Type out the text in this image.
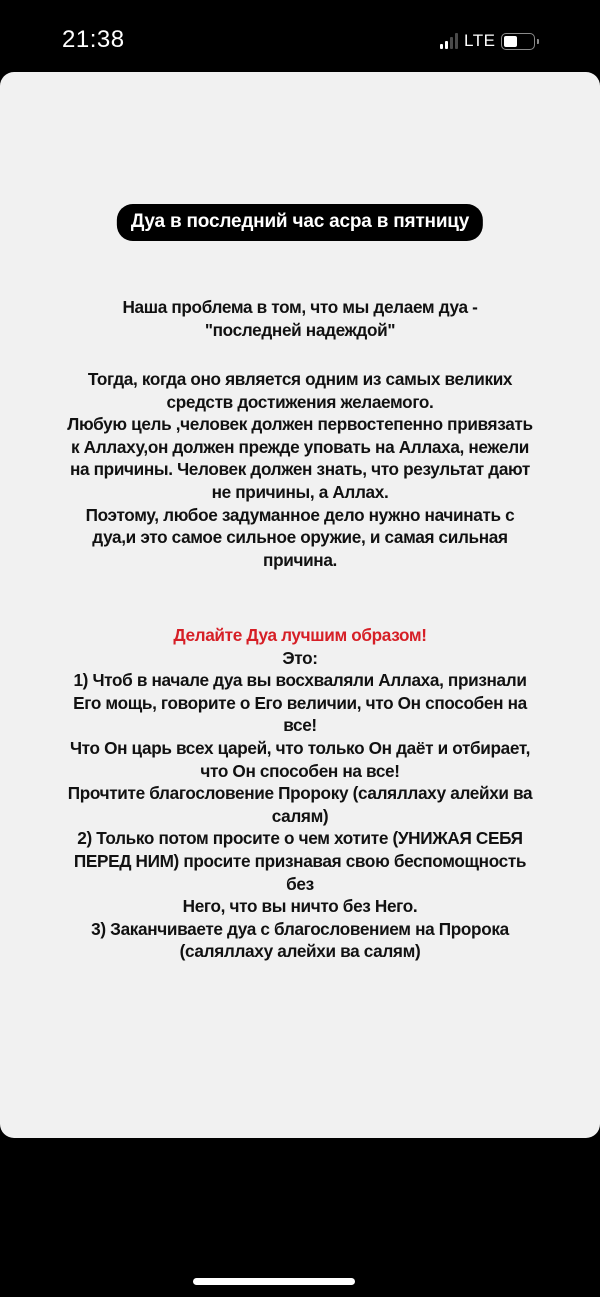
21:38	LTE
Дуа в последний час асра в пятницу
Наша проблема в том, что мы делаем дуа -
"последней надеждой"
Тогда, когда оно является одним из самых великих
средств достижения желаемого.
Любую цель ,человек должен первостепенно привязать
к Аллаху,он должен прежде уповать на Аллаха, нежели
на причины. Человек должен знать, что результат дают
не причины, а Аллах.
Поэтому, любое задуманное дело нужно начинать с
дуа,и это самое сильное оружие, и самая сильная
причина.
Делайте Дуа лучшим образом!
Это:
1) Чтоб в начале дуа вы восхваляли Аллаха, признали
Его мощь, говорите о Его величии, что Он способен на
все!
Что Он царь всех царей, что только Он даёт и отбирает,
что Он способен на все!
Прочтите благословение Пророку (саляллаху алейхи ва
салям)
2) Только потом просите о чем хотите (УНИЖАЯ СЕБЯ
ПЕРЕД НИМ) просите признавая свою беспомощность
без
Него, что вы ничто без Него.
3) Заканчиваете дуа с благословением на Пророка
(саляллаху алейхи ва салям)
